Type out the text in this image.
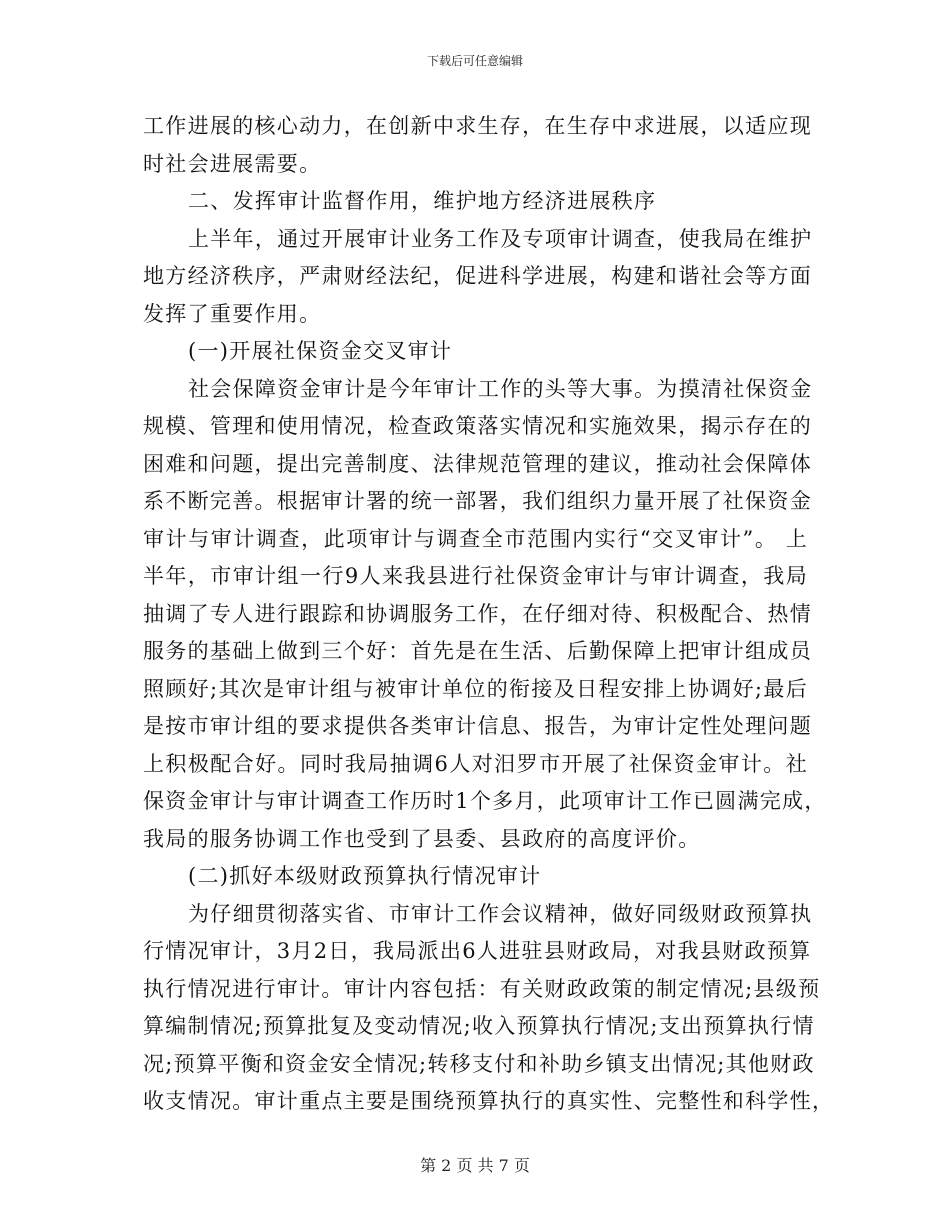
下载后可任意编辑
工作进展的核心动力，在创新中求生存，在生存中求进展，以适应现
时社会进展需要。
二、发挥审计监督作用，维护地方经济进展秩序
上半年，通过开展审计业务工作及专项审计调查，使我局在维护
地方经济秩序，严肃财经法纪，促进科学进展，构建和谐社会等方面
发挥了重要作用。
(一)开展社保资金交叉审计
社会保障资金审计是今年审计工作的头等大事。为摸清社保资金
规模、管理和使用情况，检查政策落实情况和实施效果，揭示存在的
困难和问题，提出完善制度、法律规范管理的建议，推动社会保障体
系不断完善。根据审计署的统一部署，我们组织力量开展了社保资金
审计与审计调查，此项审计与调查全市范围内实行“交叉审计”。 上
半年，市审计组一行9人来我县进行社保资金审计与审计调查，我局
抽调了专人进行跟踪和协调服务工作，在仔细对待、积极配合、热情
服务的基础上做到三个好：首先是在生活、后勤保障上把审计组成员
照顾好;其次是审计组与被审计单位的衔接及日程安排上协调好;最后
是按市审计组的要求提供各类审计信息、报告，为审计定性处理问题
上积极配合好。同时我局抽调6人对汨罗市开展了社保资金审计。社
保资金审计与审计调查工作历时1个多月，此项审计工作已圆满完成，
我局的服务协调工作也受到了县委、县政府的高度评价。
(二)抓好本级财政预算执行情况审计
为仔细贯彻落实省、市审计工作会议精神，做好同级财政预算执
行情况审计，3月2日，我局派出6人进驻县财政局，对我县财政预算
执行情况进行审计。审计内容包括：有关财政政策的制定情况;县级预
算编制情况;预算批复及变动情况;收入预算执行情况;支出预算执行情
况;预算平衡和资金安全情况;转移支付和补助乡镇支出情况;其他财政
收支情况。审计重点主要是围绕预算执行的真实性、完整性和科学性，
第 2 页 共 7 页
